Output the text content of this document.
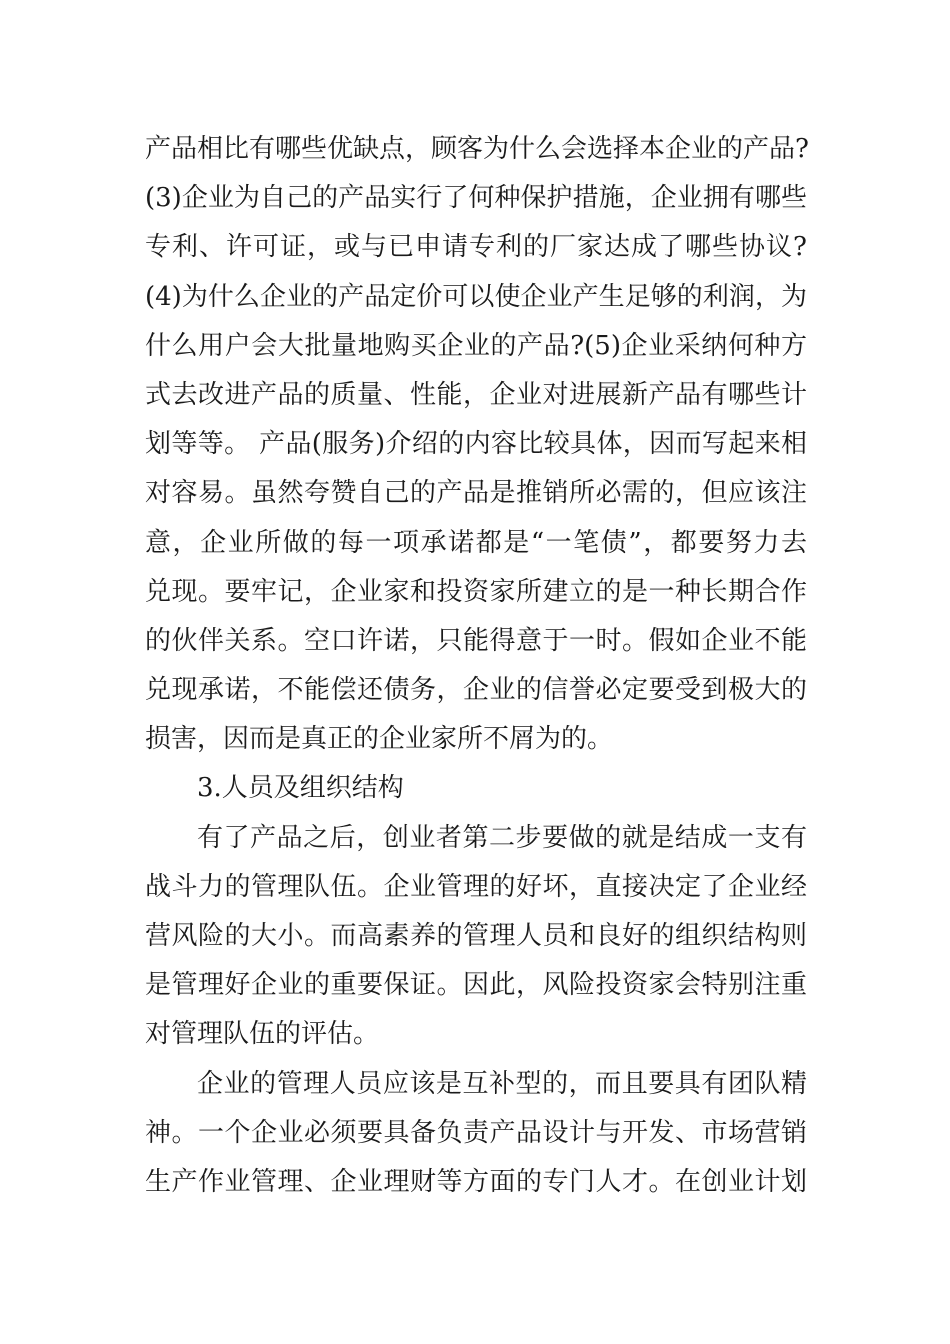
产品相比有哪些优缺点，顾客为什么会选择本企业的产品?
(3)企业为自己的产品实行了何种保护措施，企业拥有哪些
专利、许可证，或与已申请专利的厂家达成了哪些协议?
(4)为什么企业的产品定价可以使企业产生足够的利润，为
什么用户会大批量地购买企业的产品?(5)企业采纳何种方
式去改进产品的质量、性能，企业对进展新产品有哪些计
划等等。 产品(服务)介绍的内容比较具体，因而写起来相
对容易。虽然夸赞自己的产品是推销所必需的，但应该注
意，企业所做的每一项承诺都是“一笔债”，都要努力去
兑现。要牢记，企业家和投资家所建立的是一种长期合作
的伙伴关系。空口许诺，只能得意于一时。假如企业不能
兑现承诺，不能偿还债务，企业的信誉必定要受到极大的
损害，因而是真正的企业家所不屑为的。
3.人员及组织结构
有了产品之后，创业者第二步要做的就是结成一支有
战斗力的管理队伍。企业管理的好坏，直接决定了企业经
营风险的大小。而高素养的管理人员和良好的组织结构则
是管理好企业的重要保证。因此，风险投资家会特别注重
对管理队伍的评估。
企业的管理人员应该是互补型的，而且要具有团队精
神。一个企业必须要具备负责产品设计与开发、市场营销
生产作业管理、企业理财等方面的专门人才。在创业计划
